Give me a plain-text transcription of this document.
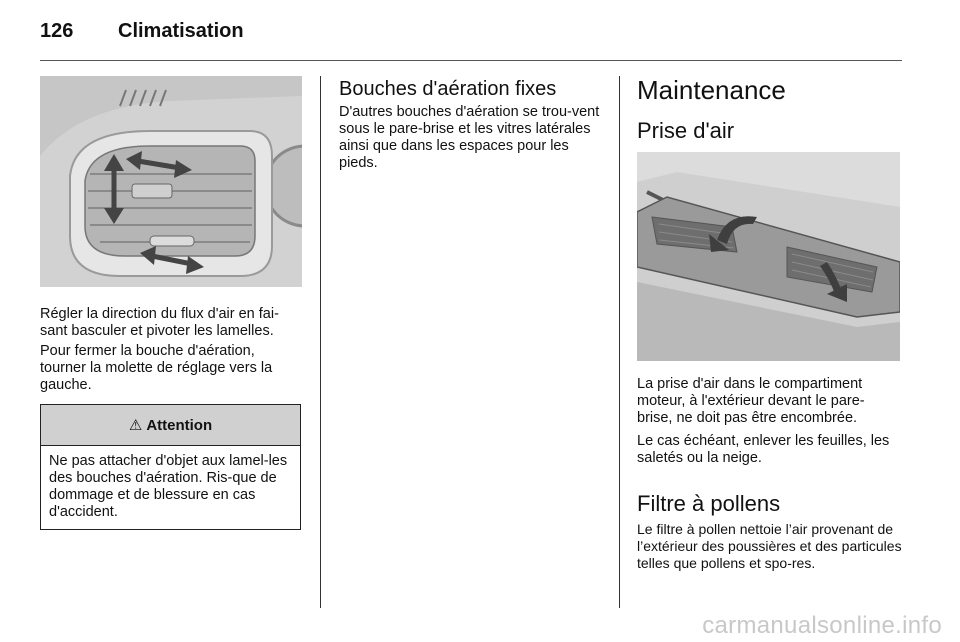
126 Climatisation

Régler la direction du flux d'air en fai-sant basculer et pivoter les lamelles.

Pour fermer la bouche d'aération, tourner la molette de réglage vers la gauche.

⚠ Attention

Ne pas attacher d'objet aux lamel-les des bouches d'aération. Ris-que de dommage et de blessure en cas d'accident.

Bouches d'aération fixes

D'autres bouches d'aération se trou-vent sous le pare-brise et les vitres latérales ainsi que dans les espaces pour les pieds.

Maintenance
Prise d'air

La prise d'air dans le compartiment moteur, à l'extérieur devant le pare-brise, ne doit pas être encombrée.

Le cas échéant, enlever les feuilles, les saletés ou la neige.

Filtre à pollens

Le filtre à pollen nettoie l’air provenant de l’extérieur des poussières et des particules telles que pollens et spo-res.

carmanualsonline.info
